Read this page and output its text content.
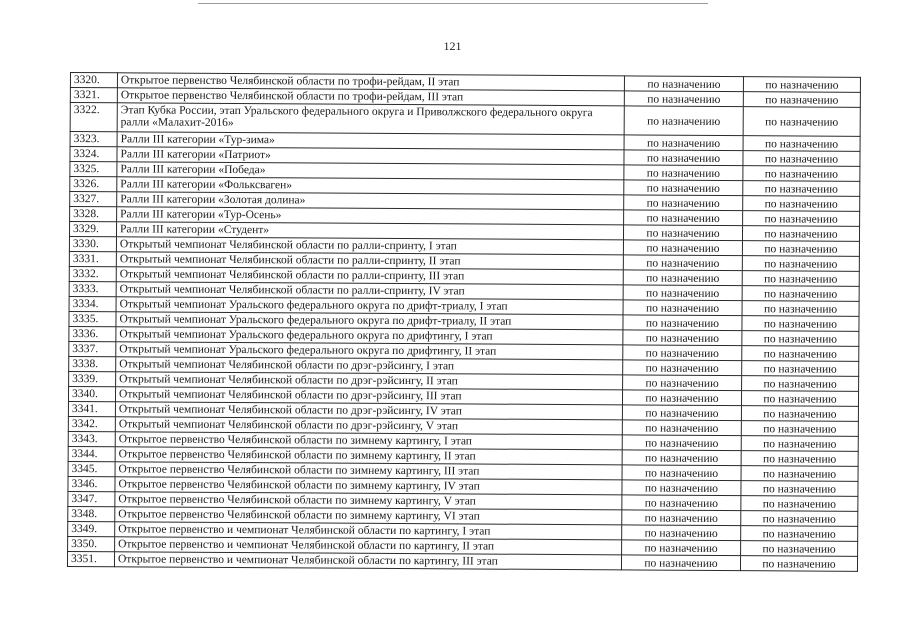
121
3320.	Открытое первенство Челябинской области по трофи-рейдам, II этап	по назначению	по назначению
3321.	Открытое первенство Челябинской области по трофи-рейдам, III этап	по назначению	по назначению
3322.	Этап Кубка России, этап Уральского федерального округа и Приволжского федерального округа ралли «Малахит-2016»	по назначению	по назначению
3323.	Ралли III категории «Тур-зима»	по назначению	по назначению
3324.	Ралли III категории «Патриот»	по назначению	по назначению
3325.	Ралли III категории «Победа»	по назначению	по назначению
3326.	Ралли III категории «Фольксваген»	по назначению	по назначению
3327.	Ралли III категории «Золотая долина»	по назначению	по назначению
3328.	Ралли III категории «Тур-Осень»	по назначению	по назначению
3329.	Ралли III категории «Студент»	по назначению	по назначению
3330.	Открытый чемпионат Челябинской области по ралли-спринту, I этап	по назначению	по назначению
3331.	Открытый чемпионат Челябинской области по ралли-спринту, II этап	по назначению	по назначению
3332.	Открытый чемпионат Челябинской области по ралли-спринту, III этап	по назначению	по назначению
3333.	Открытый чемпионат Челябинской области по ралли-спринту, IV этап	по назначению	по назначению
3334.	Открытый чемпионат Уральского федерального округа по дрифт-триалу, I этап	по назначению	по назначению
3335.	Открытый чемпионат Уральского федерального округа по дрифт-триалу, II этап	по назначению	по назначению
3336.	Открытый чемпионат Уральского федерального округа по дрифтингу, I этап	по назначению	по назначению
3337.	Открытый чемпионат Уральского федерального округа по дрифтингу, II этап	по назначению	по назначению
3338.	Открытый чемпионат Челябинской области по дрэг-рэйсингу, I этап	по назначению	по назначению
3339.	Открытый чемпионат Челябинской области по дрэг-рэйсингу, II этап	по назначению	по назначению
3340.	Открытый чемпионат Челябинской области по дрэг-рэйсингу, III этап	по назначению	по назначению
3341.	Открытый чемпионат Челябинской области по дрэг-рэйсингу, IV этап	по назначению	по назначению
3342.	Открытый чемпионат Челябинской области по дрэг-рэйсингу, V этап	по назначению	по назначению
3343.	Открытое первенство Челябинской области по зимнему картингу, I этап	по назначению	по назначению
3344.	Открытое первенство Челябинской области по зимнему картингу, II этап	по назначению	по назначению
3345.	Открытое первенство Челябинской области по зимнему картингу, III этап	по назначению	по назначению
3346.	Открытое первенство Челябинской области по зимнему картингу, IV этап	по назначению	по назначению
3347.	Открытое первенство Челябинской области по зимнему картингу, V этап	по назначению	по назначению
3348.	Открытое первенство Челябинской области по зимнему картингу, VI этап	по назначению	по назначению
3349.	Открытое первенство и чемпионат Челябинской области по картингу, I этап	по назначению	по назначению
3350.	Открытое первенство и чемпионат Челябинской области по картингу, II этап	по назначению	по назначению
3351.	Открытое первенство и чемпионат Челябинской области по картингу, III этап	по назначению	по назначению
